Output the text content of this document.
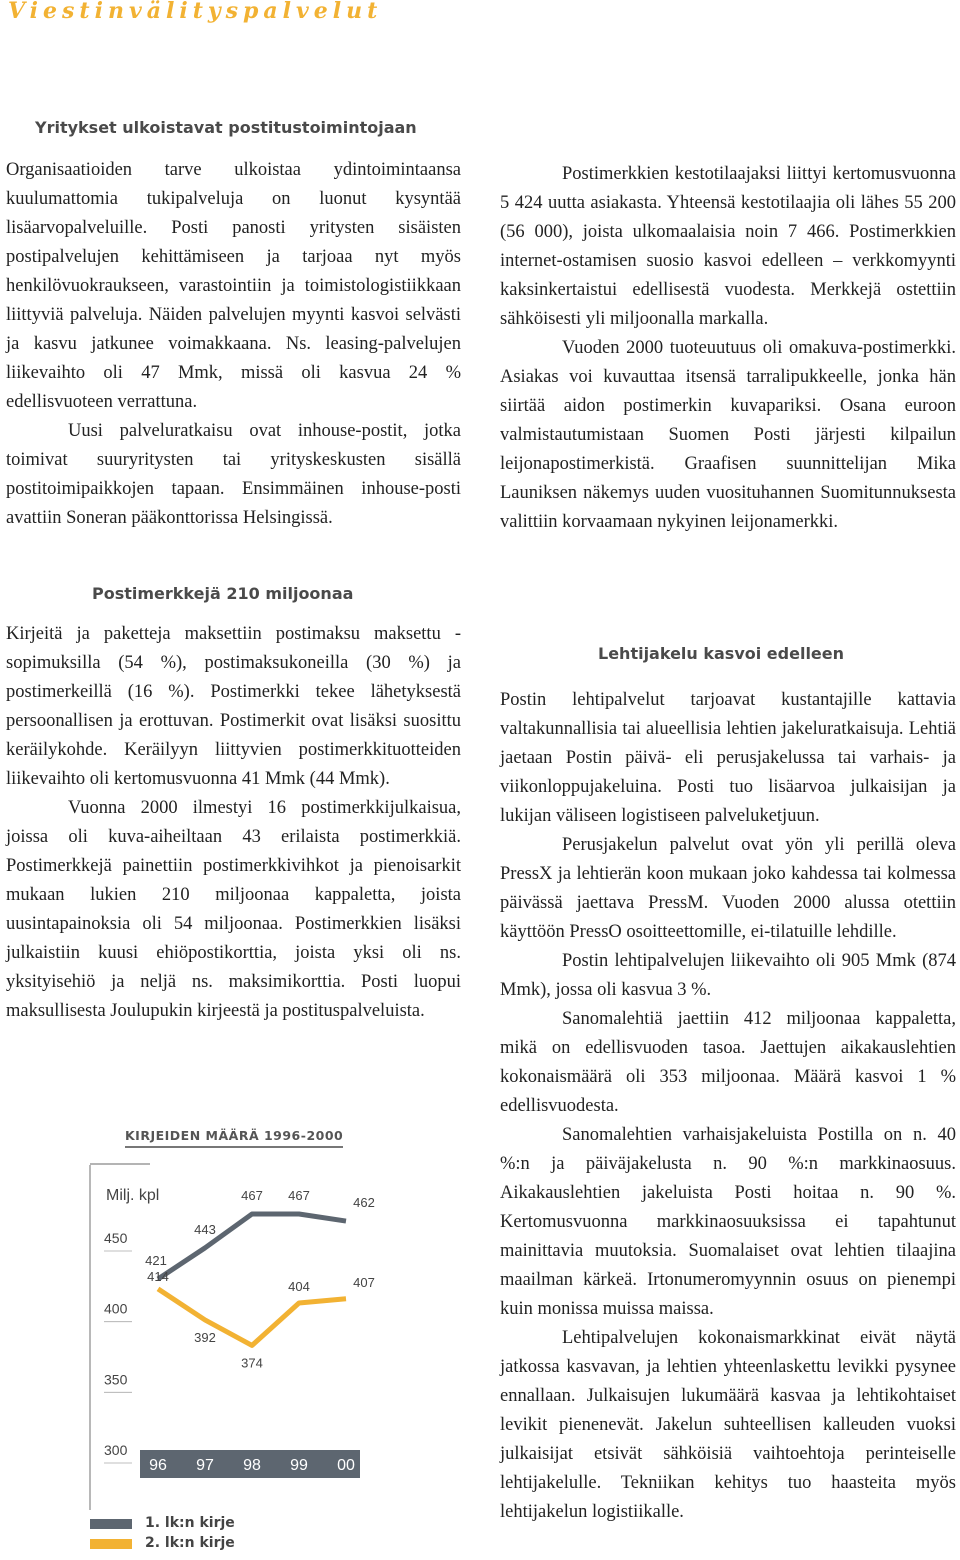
Viestinvälityspalvelut
Yritykset ulkoistavat postitustoimintojaan

Organisaatioiden tarve ulkoistaa ydintoimintaansa kuulumattomia tukipalveluja on luonut kysyntää lisäarvopalveluille. Posti panosti yritysten sisäisten postipalvelujen kehittämiseen ja tarjoaa nyt myös henkilövuokraukseen, varastointiin ja toimistologistiikkaan liittyviä palveluja. Näiden palvelujen myynti kasvoi selvästi ja kasvu jatkunee voimakkaana. Ns. leasing-palvelujen liikevaihto oli 47 Mmk, missä oli kasvua 24 % edellisvuoteen verrattuna.

Uusi palveluratkaisu ovat inhouse-postit, jotka toimivat suuryritysten tai yrityskeskusten sisällä postitoimipaikkojen tapaan. Ensimmäinen inhouse-posti avattiin Soneran pääkonttorissa Helsingissä.

Postimerkkejä 210 miljoonaa

Kirjeitä ja paketteja maksettiin postimaksu maksettu -sopimuksilla (54 %), postimaksukoneilla (30 %) ja postimerkeillä (16 %). Postimerkki tekee lähetyksestä persoonallisen ja erottuvan. Postimerkit ovat lisäksi suosittu keräilykohde. Keräilyyn liittyvien postimerkkituotteiden liikevaihto oli kertomusvuonna 41 Mmk (44 Mmk).

Vuonna 2000 ilmestyi 16 postimerkkijulkaisua, joissa oli kuva-aiheiltaan 43 erilaista postimerkkiä. Postimerkkejä painettiin postimerkkivihkot ja pienoisarkit mukaan lukien 210 miljoonaa kappaletta, joista uusintapainoksia oli 54 miljoonaa. Postimerkkien lisäksi julkaistiin kuusi ehiöpostikorttia, joista yksi oli ns. yksityisehiö ja neljä ns. maksimikorttia. Posti luopui maksullisesta Joulupukin kirjeestä ja postituspalveluista.

KIRJEIDEN MÄÄRÄ 1996-2000
Milj. kpl
450
400
350
300
96 97 98 99 00
421
443
467 467	462
414
392
374
404	407
1. lk:n kirje
2. lk:n kirje

Postimerkkien kestotilaajaksi liittyi kertomusvuonna 5 424 uutta asiakasta. Yhteensä kestotilaajia oli lähes 55 200 (56 000), joista ulkomaalaisia noin 7 466. Postimerkkien internet-ostamisen suosio kasvoi edelleen – verkkomyynti kaksinkertaistui edellisestä vuodesta. Merkkejä ostettiin sähköisesti yli miljoonalla markalla.

Vuoden 2000 tuoteuutuus oli omakuva-postimerkki. Asiakas voi kuvauttaa itsensä tarralipukkeelle, jonka hän siirtää aidon postimerkin kuvapariksi. Osana euroon valmistautumistaan Suomen Posti järjesti kilpailun leijonapostimerkistä. Graafisen suunnittelijan Mika Launiksen näkemys uuden vuosituhannen Suomitunnuksesta valittiin korvaamaan nykyinen leijonamerkki.

Lehtijakelu kasvoi edelleen

Postin lehtipalvelut tarjoavat kustantajille kattavia valtakunnallisia tai alueellisia lehtien jakeluratkaisuja. Lehtiä jaetaan Postin päivä- eli perusjakelussa tai varhais- ja viikonloppujakeluina. Posti tuo lisäarvoa julkaisijan ja lukijan väliseen logistiseen palveluketjuun.

Perusjakelun palvelut ovat yön yli perillä oleva PressX ja lehtierän koon mukaan joko kahdessa tai kolmessa päivässä jaettava PressM. Vuoden 2000 alussa otettiin käyttöön PressO osoitteettomille, ei-tilatuille lehdille.

Postin lehtipalvelujen liikevaihto oli 905 Mmk (874 Mmk), jossa oli kasvua 3 %.

Sanomalehtiä jaettiin 412 miljoonaa kappaletta, mikä on edellisvuoden tasoa. Jaettujen aikakauslehtien kokonaismäärä oli 353 miljoonaa. Määrä kasvoi 1 % edellisvuodesta.

Sanomalehtien varhaisjakeluista Postilla on n. 40 %:n ja päiväjakelusta n. 90 %:n markkinaosuus. Aikakauslehtien jakeluista Posti hoitaa n. 90 %. Kertomusvuonna markkinaosuuksissa ei tapahtunut mainittavia muutoksia. Suomalaiset ovat lehtien tilaajina maailman kärkeä. Irtonumeromyynnin osuus on pienempi kuin monissa muissa maissa.

Lehtipalvelujen kokonaismarkkinat eivät näytä jatkossa kasvavan, ja lehtien yhteenlaskettu levikki pysynee ennallaan. Julkaisujen lukumäärä kasvaa ja lehtikohtaiset levikit pienenevät. Jakelun suhteellisen kalleuden vuoksi julkaisijat etsivät sähköisiä vaihtoehtoja perinteiselle lehtijakelulle. Tekniikan kehitys tuo haasteita myös lehtijakelun logistiikalle.
